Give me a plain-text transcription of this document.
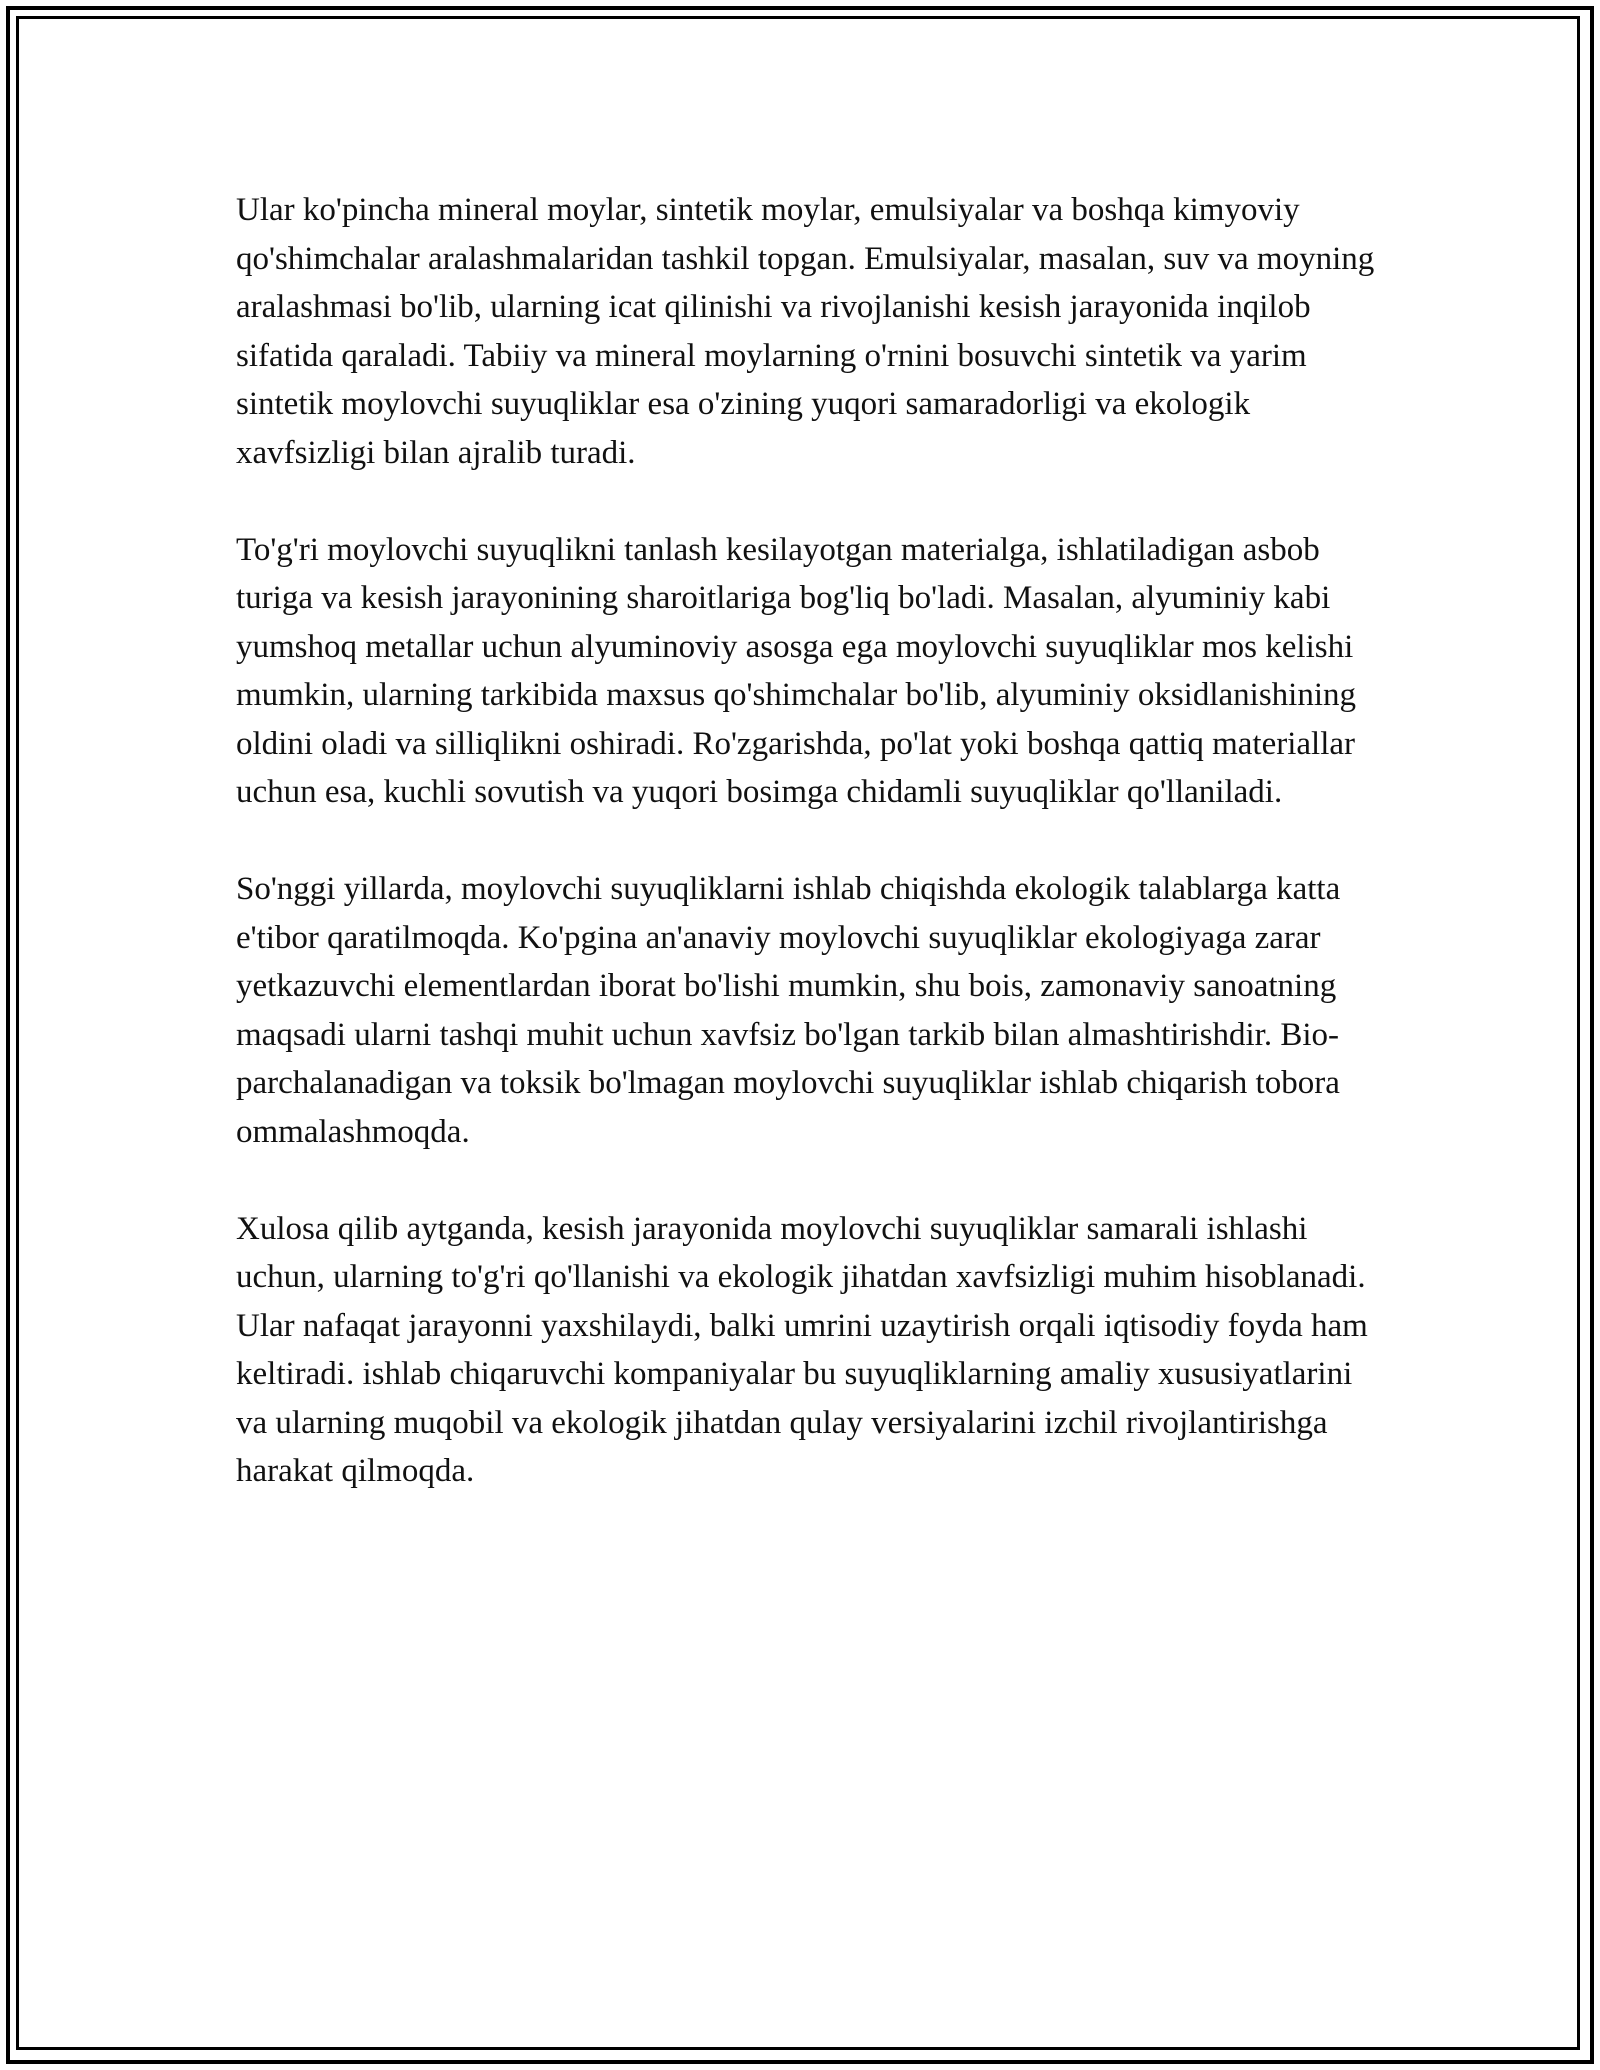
Ular ko'pincha mineral moylar, sintetik moylar, emulsiyalar va boshqa kimyoviy qo'shimchalar aralashmalaridan tashkil topgan. Emulsiyalar, masalan, suv va moyning aralashmasi bo'lib, ularning icat qilinishi va rivojlanishi kesish jarayonida inqilob sifatida qaraladi. Tabiiy va mineral moylarning o'rnini bosuvchi sintetik va yarim sintetik moylovchi suyuqliklar esa o'zining yuqori samaradorligi va ekologik xavfsizligi bilan ajralib turadi.

To'g'ri moylovchi suyuqlikni tanlash kesilayotgan materialga, ishlatiladigan asbob turiga va kesish jarayonining sharoitlariga bog'liq bo'ladi. Masalan, alyuminiy kabi yumshoq metallar uchun alyuminoviy asosga ega moylovchi suyuqliklar mos kelishi mumkin, ularning tarkibida maxsus qo'shimchalar bo'lib, alyuminiy oksidlanishining oldini oladi va silliqlikni oshiradi. Ro'zgarishda, po'lat yoki boshqa qattiq materiallar uchun esa, kuchli sovutish va yuqori bosimga chidamli suyuqliklar qo'llaniladi.

So'nggi yillarda, moylovchi suyuqliklarni ishlab chiqishda ekologik talablarga katta e'tibor qaratilmoqda. Ko'pgina an'anaviy moylovchi suyuqliklar ekologiyaga zarar yetkazuvchi elementlardan iborat bo'lishi mumkin, shu bois, zamonaviy sanoatning maqsadi ularni tashqi muhit uchun xavfsiz bo'lgan tarkib bilan almashtirishdir. Bio-parchalanadigan va toksik bo'lmagan moylovchi suyuqliklar ishlab chiqarish tobora ommalashmoqda.

Xulosa qilib aytganda, kesish jarayonida moylovchi suyuqliklar samarali ishlashi uchun, ularning to'g'ri qo'llanishi va ekologik jihatdan xavfsizligi muhim hisoblanadi. Ular nafaqat jarayonni yaxshilaydi, balki umrini uzaytirish orqali iqtisodiy foyda ham keltiradi. ishlab chiqaruvchi kompaniyalar bu suyuqliklarning amaliy xususiyatlarini va ularning muqobil va ekologik jihatdan qulay versiyalarini izchil rivojlantirishga harakat qilmoqda.
